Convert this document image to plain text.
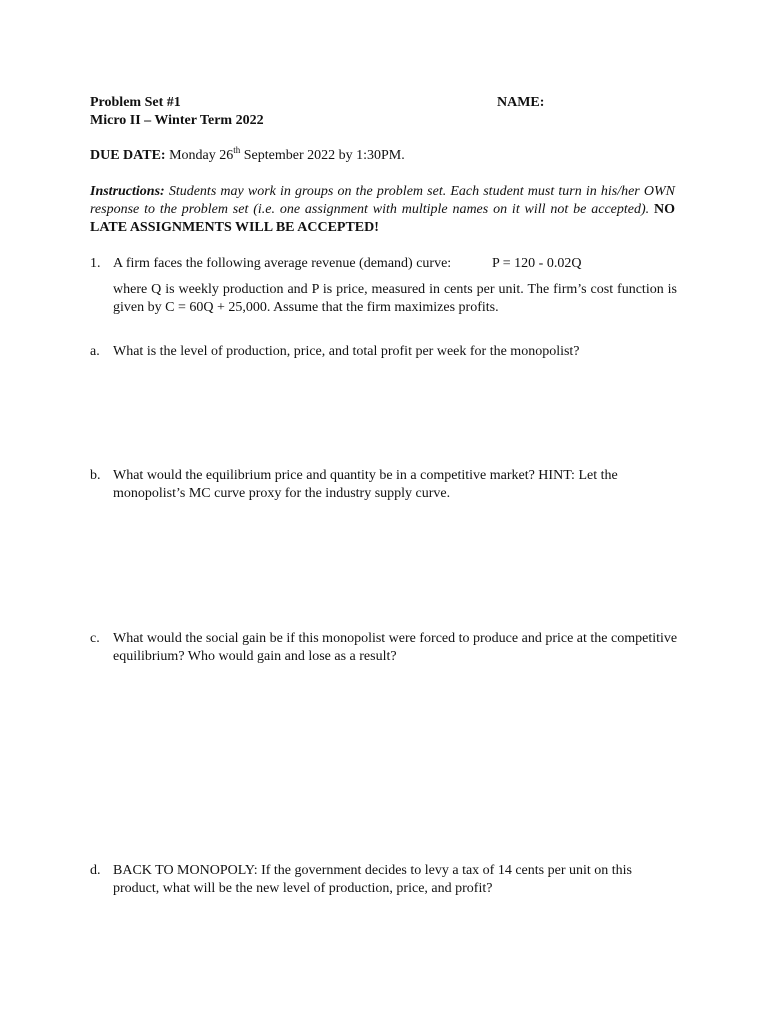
Problem Set #1	NAME:
Micro II – Winter Term 2022
DUE DATE: Monday 26th September 2022 by 1:30PM.
Instructions: Students may work in groups on the problem set. Each student must turn in his/her OWN response to the problem set (i.e. one assignment with multiple names on it will not be accepted). NO LATE ASSIGNMENTS WILL BE ACCEPTED!
1. A firm faces the following average revenue (demand) curve:	P = 120 - 0.02Q
where Q is weekly production and P is price, measured in cents per unit. The firm’s cost function is given by C = 60Q + 25,000. Assume that the firm maximizes profits.
a. What is the level of production, price, and total profit per week for the monopolist?
b. What would the equilibrium price and quantity be in a competitive market? HINT: Let the monopolist’s MC curve proxy for the industry supply curve.
c. What would the social gain be if this monopolist were forced to produce and price at the competitive equilibrium? Who would gain and lose as a result?
d. BACK TO MONOPOLY: If the government decides to levy a tax of 14 cents per unit on this product, what will be the new level of production, price, and profit?
